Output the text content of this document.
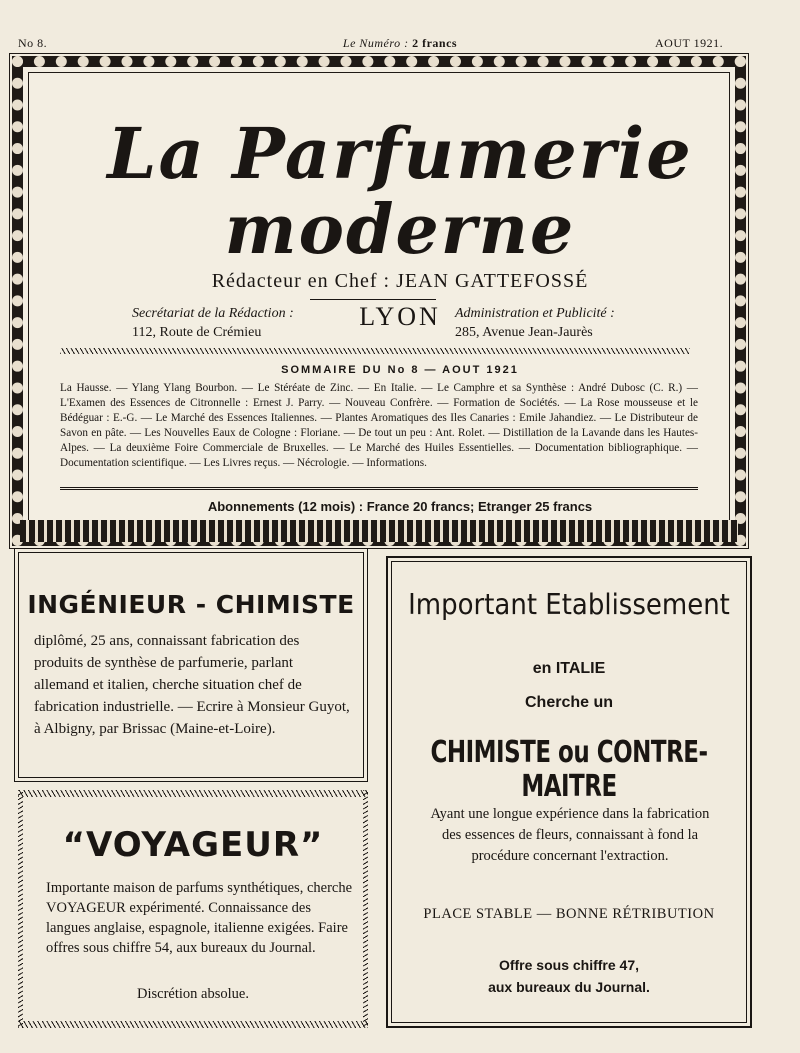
No 8.	Le Numéro : 2 francs	AOUT 1921.
La Parfumerie
moderne
Rédacteur en Chef : JEAN GATTEFOSSÉ
LYON
Secrétariat de la Rédaction :
112, Route de Crémieu
Administration et Publicité :
285, Avenue Jean-Jaurès
SOMMAIRE DU No 8 — AOUT 1921
La Hausse. — Ylang Ylang Bourbon. — Le Stéréate de Zinc. — En Italie. — Le Camphre et sa Synthèse : André Dubosc (C. R.) — L'Examen des Essences de Citronnelle : Ernest J. Parry. — Nouveau Confrère. — Formation de Sociétés. — La Rose mousseuse et le Bédéguar : E.-G. — Le Marché des Essences Italiennes. — Plantes Aromatiques des Iles Canaries : Emile Jahandiez. — Le Distributeur de Savon en pâte. — Les Nouvelles Eaux de Cologne : Floriane. — De tout un peu : Ant. Rolet. — Distillation de la Lavande dans les Hautes-Alpes. — La deuxième Foire Commerciale de Bruxelles. — Le Marché des Huiles Essentielles. — Documentation bibliographique. — Documentation scientifique. — Les Livres reçus. — Nécrologie. — Informations.
Abonnements (12 mois) : France 20 francs; Etranger 25 francs
INGÉNIEUR - CHIMISTE
diplômé, 25 ans, connaissant fabrication des produits de synthèse de parfumerie, parlant allemand et italien, cherche situation chef de fabrication industrielle. — Ecrire à Monsieur Guyot, à Albigny, par Brissac (Maine-et-Loire).
“VOYAGEUR”
Importante maison de parfums synthétiques, cherche VOYAGEUR expérimenté. Connaissance des langues anglaise, espagnole, italienne exigées. Faire offres sous chiffre 54, aux bureaux du Journal.
Discrétion absolue.
Important Etablissement
en ITALIE
Cherche un
CHIMISTE ou CONTRE-MAITRE
Ayant une longue expérience dans la fabrication des essences de fleurs, connaissant à fond la procédure concernant l'extraction.
PLACE STABLE — BONNE RÉTRIBUTION
Offre sous chiffre 47,
aux bureaux du Journal.
